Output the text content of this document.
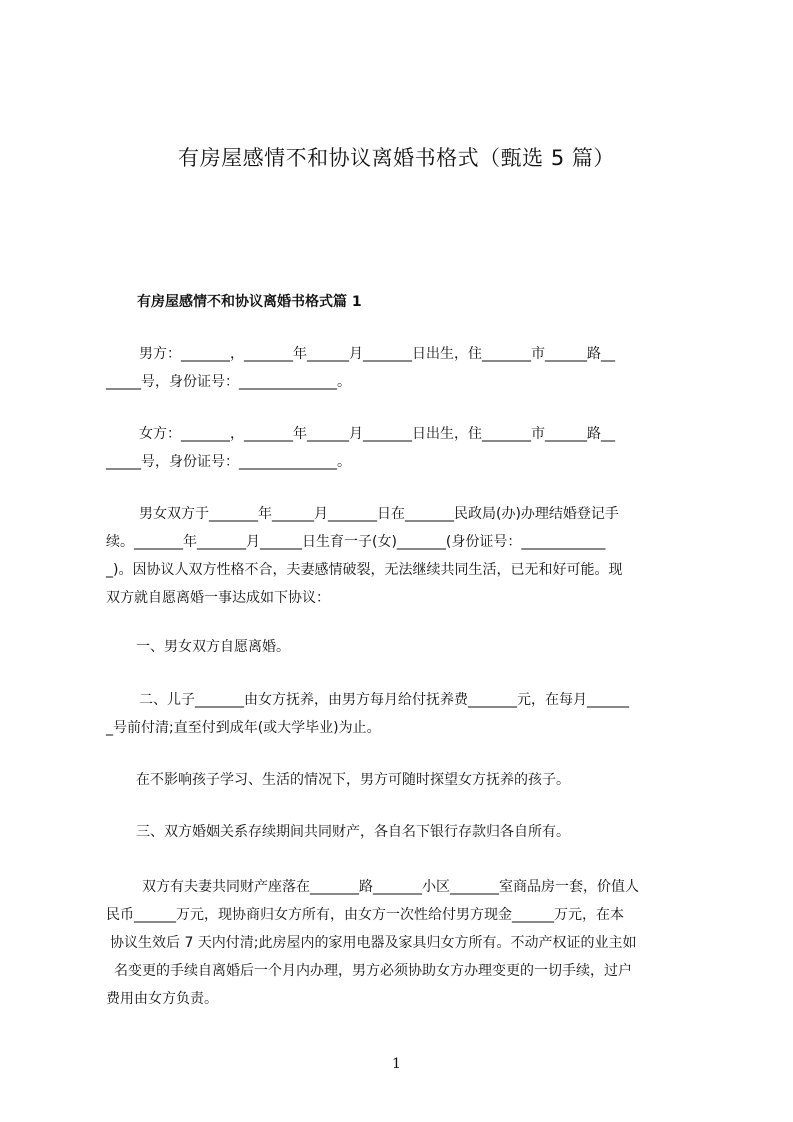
有房屋感情不和协议离婚书格式（甄选 5 篇）
有房屋感情不和协议离婚书格式篇 1
男方：_______，_______年______月_______日出生，住_______市______路__
_____号，身份证号：______________。
女方：_______，_______年______月_______日出生，住_______市______路__
_____号，身份证号：______________。
男女双方于_______年______月_______日在_______民政局(办)办理结婚登记手
续。_______年_______月______日生育一子(女)_______(身份证号：____________
_)。因协议人双方性格不合，夫妻感情破裂，无法继续共同生活，已无和好可能。现
双方就自愿离婚一事达成如下协议：
一、男女双方自愿离婚。
二、儿子_______由女方抚养，由男方每月给付抚养费_______元，在每月______
_号前付清;直至付到成年(或大学毕业)为止。
在不影响孩子学习、生活的情况下，男方可随时探望女方抚养的孩子。
三、双方婚姻关系存续期间共同财产，各自名下银行存款归各自所有。
双方有夫妻共同财产座落在_______路_______小区_______室商品房一套，价值人
民币______万元，现协商归女方所有，由女方一次性给付男方现金______万元，在本
协议生效后 7 天内付清;此房屋内的家用电器及家具归女方所有。不动产权证的业主如
名变更的手续自离婚后一个月内办理，男方必须协助女方办理变更的一切手续，过户
费用由女方负责。
1
